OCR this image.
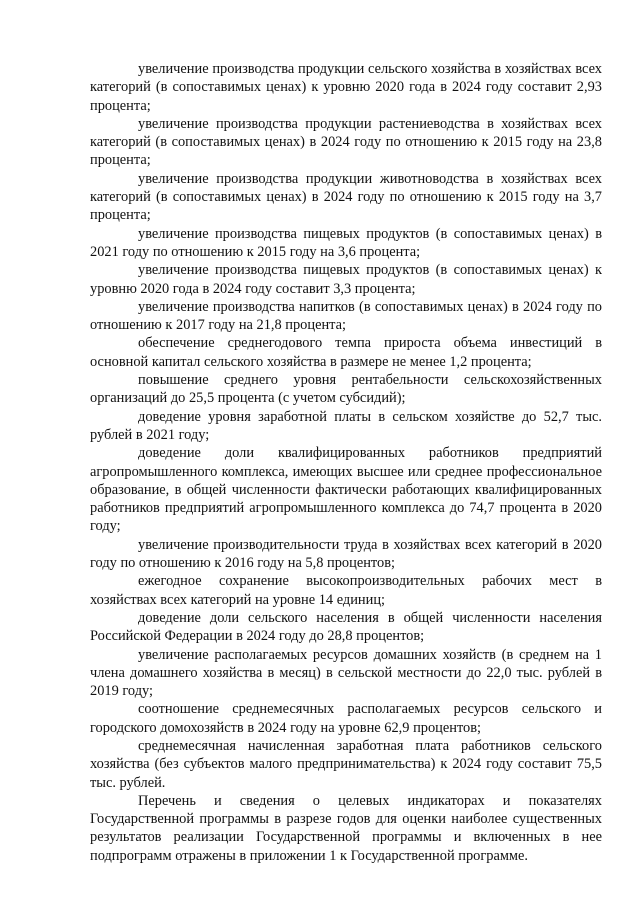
увеличение производства продукции сельского хозяйства в хозяйствах всех категорий (в сопоставимых ценах) к уровню 2020 года в 2024 году составит 2,93 процента;

увеличение производства продукции растениеводства в хозяйствах всех категорий (в сопоставимых ценах) в 2024 году по отношению к 2015 году на 23,8 процента;

увеличение производства продукции животноводства в хозяйствах всех категорий (в сопоставимых ценах) в 2024 году по отношению к 2015 году на 3,7 процента;

увеличение производства пищевых продуктов (в сопоставимых ценах) в 2021 году по отношению к 2015 году на 3,6 процента;

увеличение производства пищевых продуктов (в сопоставимых ценах) к уровню 2020 года в 2024 году составит 3,3 процента;

увеличение производства напитков (в сопоставимых ценах) в 2024 году по отношению к 2017 году на 21,8 процента;

обеспечение среднегодового темпа прироста объема инвестиций в основной капитал сельского хозяйства в размере не менее 1,2 процента;

повышение среднего уровня рентабельности сельскохозяйственных организаций до 25,5 процента (с учетом субсидий);

доведение уровня заработной платы в сельском хозяйстве до 52,7 тыс. рублей в 2021 году;

доведение доли квалифицированных работников предприятий агропромышленного комплекса, имеющих высшее или среднее профессиональное образование, в общей численности фактически работающих квалифицированных работников предприятий агропромышленного комплекса до 74,7 процента в 2020 году;

увеличение производительности труда в хозяйствах всех категорий в 2020 году по отношению к 2016 году на 5,8 процентов;

ежегодное сохранение высокопроизводительных рабочих мест в хозяйствах всех категорий на уровне 14 единиц;

доведение доли сельского населения в общей численности населения Российской Федерации в 2024 году до 28,8 процентов;

увеличение располагаемых ресурсов домашних хозяйств (в среднем на 1 члена домашнего хозяйства в месяц) в сельской местности до 22,0 тыс. рублей в 2019 году;

соотношение среднемесячных располагаемых ресурсов сельского и городского домохозяйств в 2024 году на уровне 62,9 процентов;

среднемесячная начисленная заработная плата работников сельского хозяйства (без субъектов малого предпринимательства) к 2024 году составит 75,5 тыс. рублей.

Перечень и сведения о целевых индикаторах и показателях Государственной программы в разрезе годов для оценки наиболее существенных результатов реализации Государственной программы и включенных в нее подпрограмм отражены в приложении 1 к Государственной программе.
